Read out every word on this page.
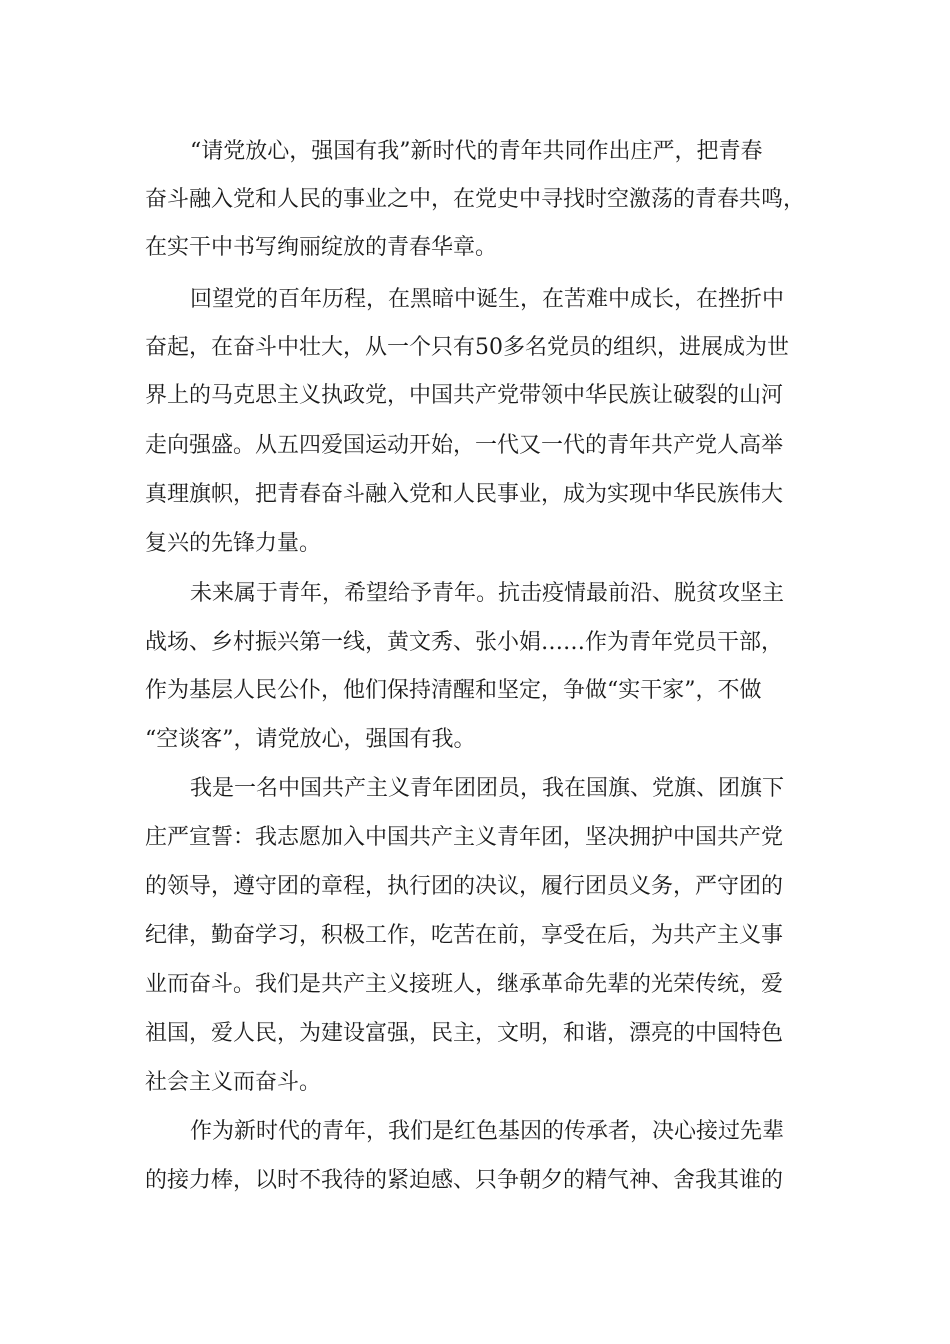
“请党放心，强国有我”新时代的青年共同作出庄严，把青春

奋斗融入党和人民的事业之中，在党史中寻找时空激荡的青春共鸣，

在实干中书写绚丽绽放的青春华章。

回望党的百年历程，在黑暗中诞生，在苦难中成长，在挫折中

奋起，在奋斗中壮大，从一个只有50多名党员的组织，进展成为世

界上的马克思主义执政党，中国共产党带领中华民族让破裂的山河

走向强盛。从五四爱国运动开始，一代又一代的青年共产党人高举

真理旗帜，把青春奋斗融入党和人民事业，成为实现中华民族伟大

复兴的先锋力量。

未来属于青年，希望给予青年。抗击疫情最前沿、脱贫攻坚主

战场、乡村振兴第一线，黄文秀、张小娟……作为青年党员干部，

作为基层人民公仆，他们保持清醒和坚定，争做“实干家”，不做

“空谈客”，请党放心，强国有我。

我是一名中国共产主义青年团团员，我在国旗、党旗、团旗下

庄严宣誓：我志愿加入中国共产主义青年团，坚决拥护中国共产党

的领导，遵守团的章程，执行团的决议，履行团员义务，严守团的

纪律，勤奋学习，积极工作，吃苦在前，享受在后，为共产主义事

业而奋斗。我们是共产主义接班人，继承革命先辈的光荣传统，爱

祖国，爱人民，为建设富强，民主，文明，和谐，漂亮的中国特色

社会主义而奋斗。

作为新时代的青年，我们是红色基因的传承者，决心接过先辈

的接力棒，以时不我待的紧迫感、只争朝夕的精气神、舍我其谁的
